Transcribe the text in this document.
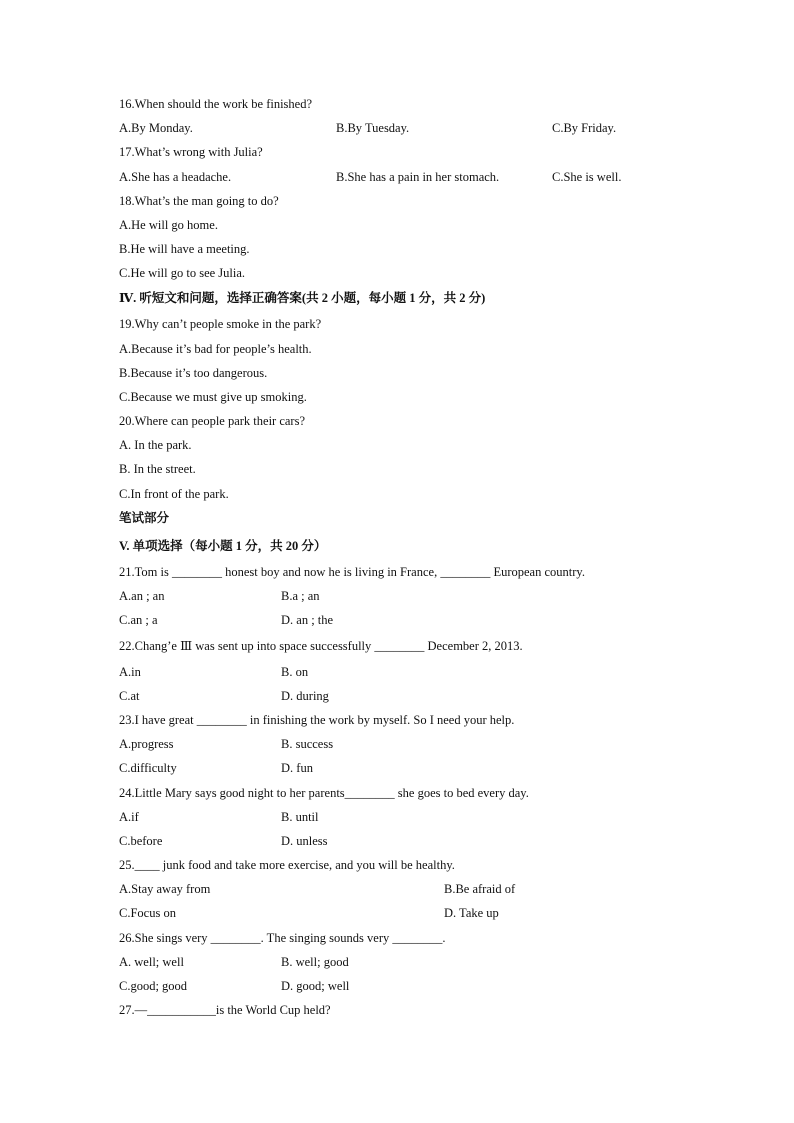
16.When should the work be finished?
A.By Monday.	B.By Tuesday.	C.By Friday.
17.What’s wrong with Julia?
A.She has a headache.	B.She has a pain in her stomach.	C.She is well.
18.What’s the man going to do?
A.He will go home.
B.He will have a meeting.
C.He will go to see Julia.
Ⅳ. 听短文和问题，选择正确答案(共 2 小题，每小题 1 分，共 2 分)
19.Why can’t people smoke in the park?
A.Because it’s bad for people’s health.
B.Because it’s too dangerous.
C.Because we must give up smoking.
20.Where can people park their cars?
A. In the park.
B. In the street.
C.In front of the park.
笔试部分
V. 单项选择（每小题 1 分，共 20 分）
21.Tom is ________ honest boy and now he is living in France, ________ European country.
A.an ; an	B.a ; an
C.an ; a	D. an ; the
22.Chang’e Ⅲ was sent up into space successfully ________ December 2, 2013.
A.in	B. on
C.at	D. during
23.I have great ________ in finishing the work by myself. So I need your help.
A.progress	B. success
C.difficulty	D. fun
24.Little Mary says good night to her parents________ she goes to bed every day.
A.if	B. until
C.before	D. unless
25.____ junk food and take more exercise, and you will be healthy.
A.Stay away from	B.Be afraid of
C.Focus on	D. Take up
26.She sings very ________. The singing sounds very ________.
A. well; well	B. well; good
C.good; good	D. good; well
27.—___________is the World Cup held?
